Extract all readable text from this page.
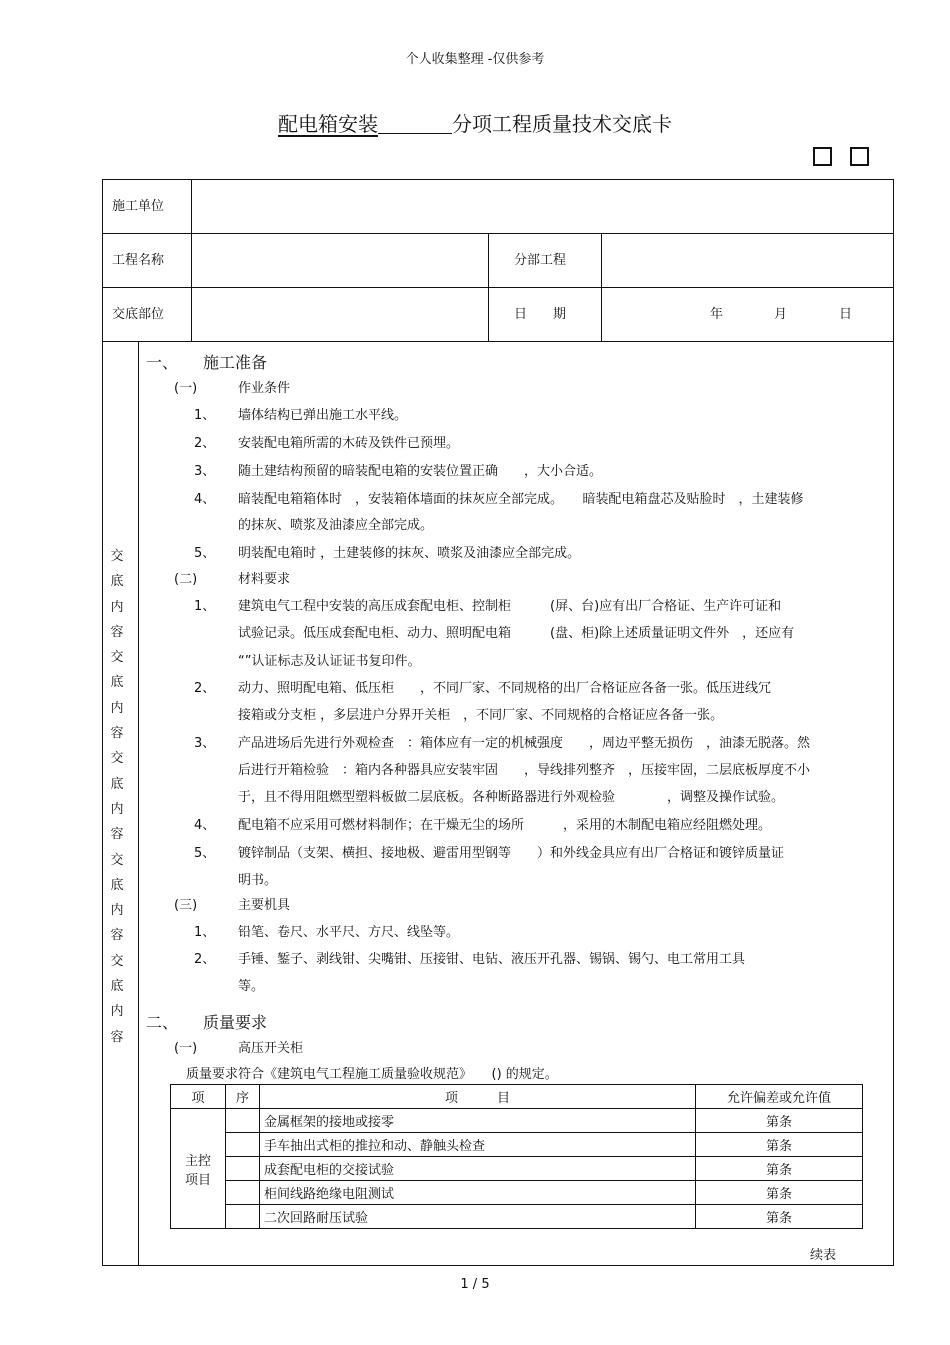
个人收集整理 -仅供参考
配电箱安装	分项工程质量技术交底卡
施工单位
工程名称	分部工程
交底部位	日　　期	年	月	日
交
底
内
容
交
底
内
容
交
底
内
容
交
底
内
容
交
底
内
容
一、 施工准备
(一)	作业条件
1、 墙体结构已弹出施工水平线。
2、 安装配电箱所需的木砖及铁件已预埋。
3、 随土建结构预留的暗装配电箱的安装位置正确　　，大小合适。
4、 暗装配电箱箱体时　，安装箱体墙面的抹灰应全部完成。　　暗装配电箱盘芯及贴脸时　，土建装修
的抹灰、喷浆及油漆应全部完成。
5、 明装配电箱时 ，土建装修的抹灰、喷浆及油漆应全部完成。
(二)	材料要求
1、 建筑电气工程中安装的高压成套配电柜、控制柜　　　(屏、台)应有出厂合格证、生产许可证和
试验记录。低压成套配电柜、动力、照明配电箱　　　(盘、柜)除上述质量证明文件外　，还应有
“”认证标志及认证证书复印件。
2、 动力、照明配电箱、低压柜　　，不同厂家、不同规格的出厂合格证应各备一张。低压进线冗
接箱或分支柜 ，多层进户分界开关柜　，不同厂家、不同规格的合格证应各备一张。
3、 产品进场后先进行外观检查　：箱体应有一定的机械强度　　，周边平整无损伤　，油漆无脱落。然
后进行开箱检验　：箱内各种器具应安装牢固　　，导线排列整齐　，压接牢固，二层底板厚度不小
于，且不得用阻燃型塑料板做二层底板。各种断路器进行外观检验　　　　，调整及操作试验。
4、 配电箱不应采用可燃材料制作；在干燥无尘的场所　　　，采用的木制配电箱应经阻燃处理。
5、 镀锌制品（支架、横担、接地极、避雷用型钢等　　）和外线金具应有出厂合格证和镀锌质量证
明书。
(三)	主要机具
1、 铅笔、卷尺、水平尺、方尺、线坠等。
2、 手锤、錾子、剥线钳、尖嘴钳、压接钳、电钻、液压开孔器、锡锅、锡勺、电工常用工具
等。
二、 质量要求
(一)	高压开关柜
质量要求符合《建筑电气工程施工质量验收规范》　　() 的规定。
项	序	项　　　目	允许偏差或允许值

主控
项目		金属框架的接地或接零	第条
		手车抽出式柜的推拉和动、静触头检查	第条
		成套配电柜的交接试验	第条
		柜间线路绝缘电阻测试	第条
		二次回路耐压试验	第条
续表
1 / 5
